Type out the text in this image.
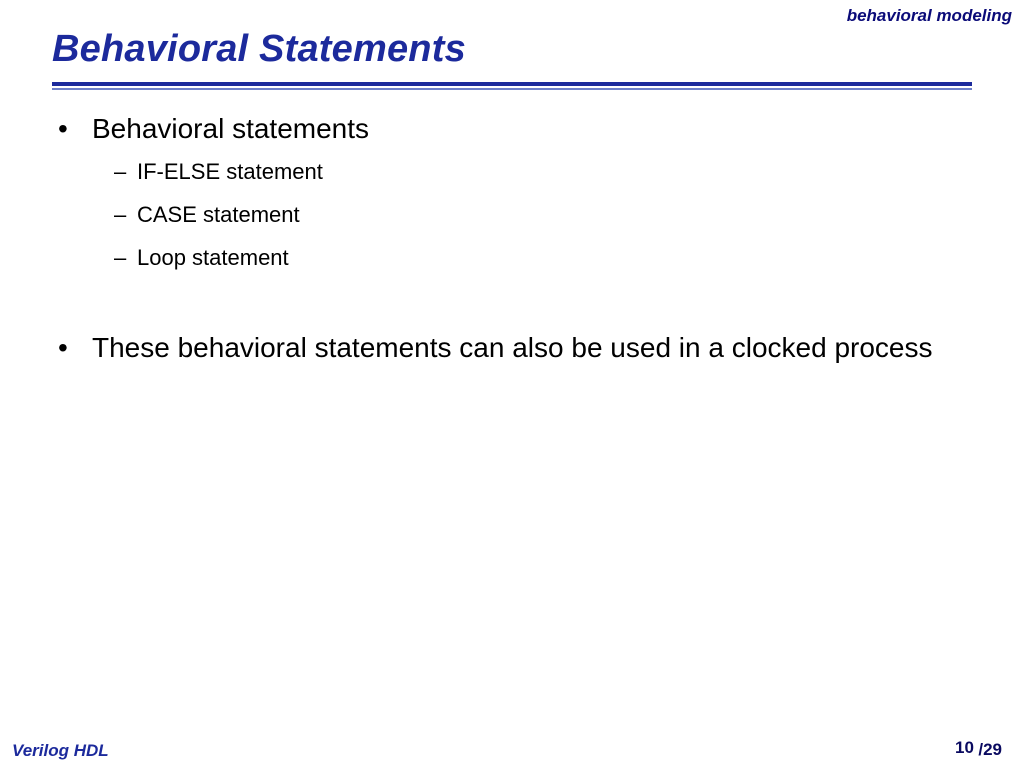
behavioral modeling
Behavioral Statements
• Behavioral statements
– IF-ELSE statement
– CASE statement
– Loop statement
• These behavioral statements can also be used in a clocked process
Verilog HDL	10 /29
